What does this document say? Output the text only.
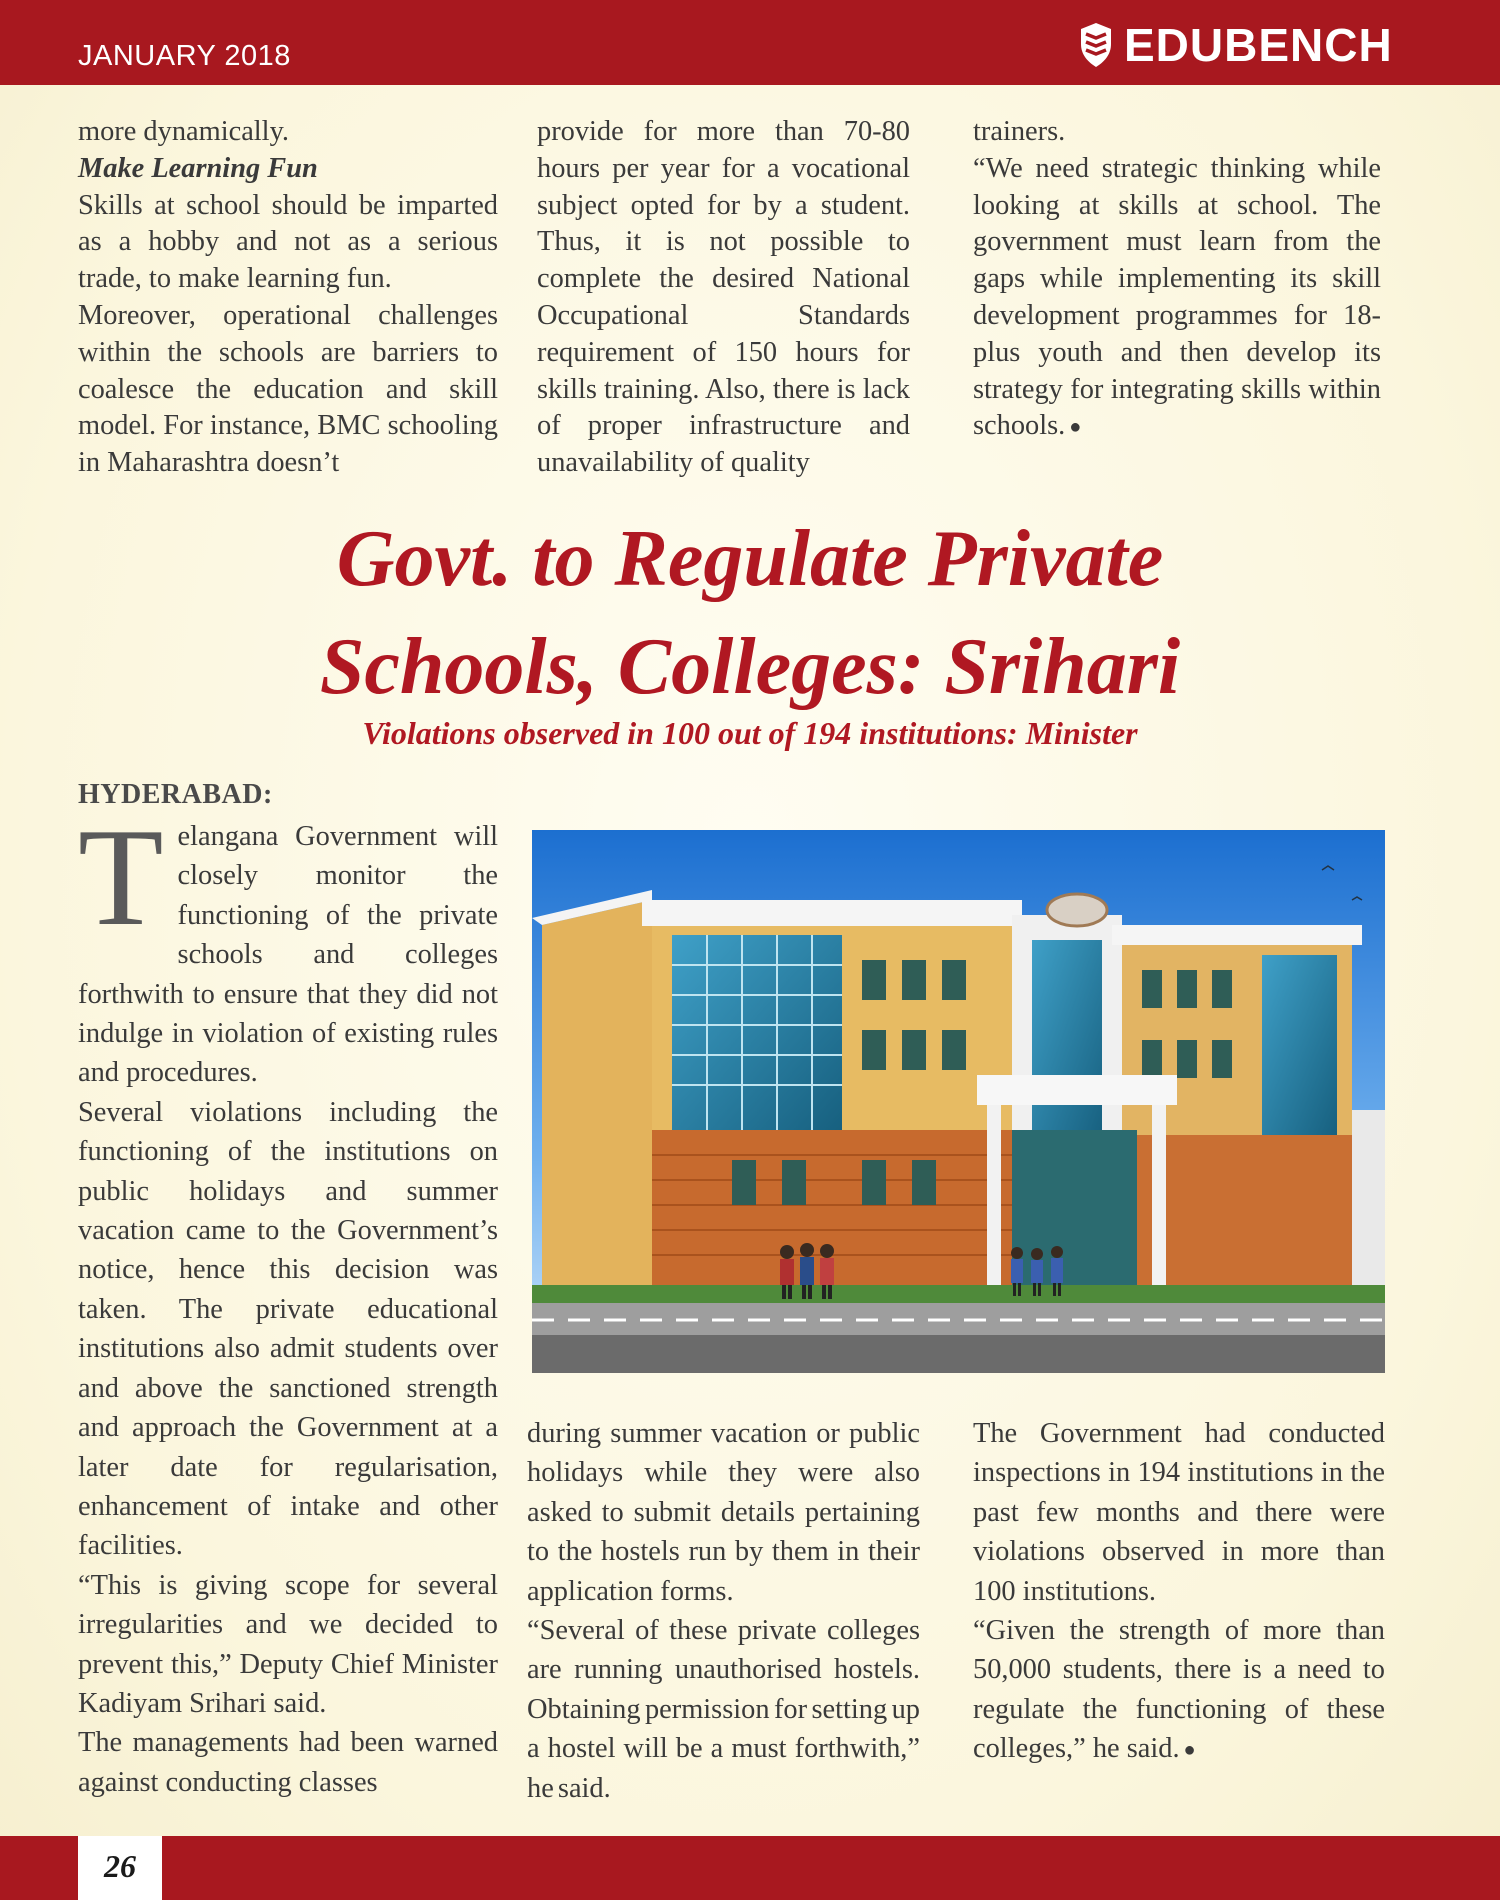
JANUARY 2018	EDUBENCH

more dynamically.

Make Learning Fun

Skills at school should be imparted as a hobby and not as a serious trade, to make learning fun.

Moreover, operational challenges within the schools are barriers to coalesce the education and skill model. For instance, BMC schooling in Maharashtra doesn’t

provide for more than 70-80 hours per year for a vocational subject opted for by a student. Thus, it is not possible to complete the desired National Occupational Standards requirement of 150 hours for skills training. Also, there is lack of proper infrastructure and unavailability of quality

trainers.

“We need strategic thinking while looking at skills at school. The government must learn from the gaps while implementing its skill development programmes for 18-plus youth and then develop its strategy for integrating skills within schools. ●

Govt. to Regulate Private
Schools, Colleges: Srihari

Violations observed in 100 out of 194 institutions: Minister

HYDERABAD:

Telangana Government will closely monitor the functioning of the private schools and colleges forthwith to ensure that they did not indulge in violation of existing rules and procedures.

Several violations including the functioning of the institutions on public holidays and summer vacation came to the Government’s notice, hence this decision was taken. The private educational institutions also admit students over and above the sanctioned strength and approach the Government at a later date for regularisation, enhancement of intake and other facilities.

“This is giving scope for several irregularities and we decided to prevent this,” Deputy Chief Minister Kadiyam Srihari said.

The managements had been warned against conducting classes

during summer vacation or public holidays while they were also asked to submit details pertaining to the hostels run by them in their application forms.

“Several of these private colleges are running unauthorised hostels. Obtaining permission for setting up a hostel will be a must forthwith,” he said.

The Government had conducted inspections in 194 institutions in the past few months and there were violations observed in more than 100 institutions.

“Given the strength of more than 50,000 students, there is a need to regulate the functioning of these colleges,” he said. ●

26
